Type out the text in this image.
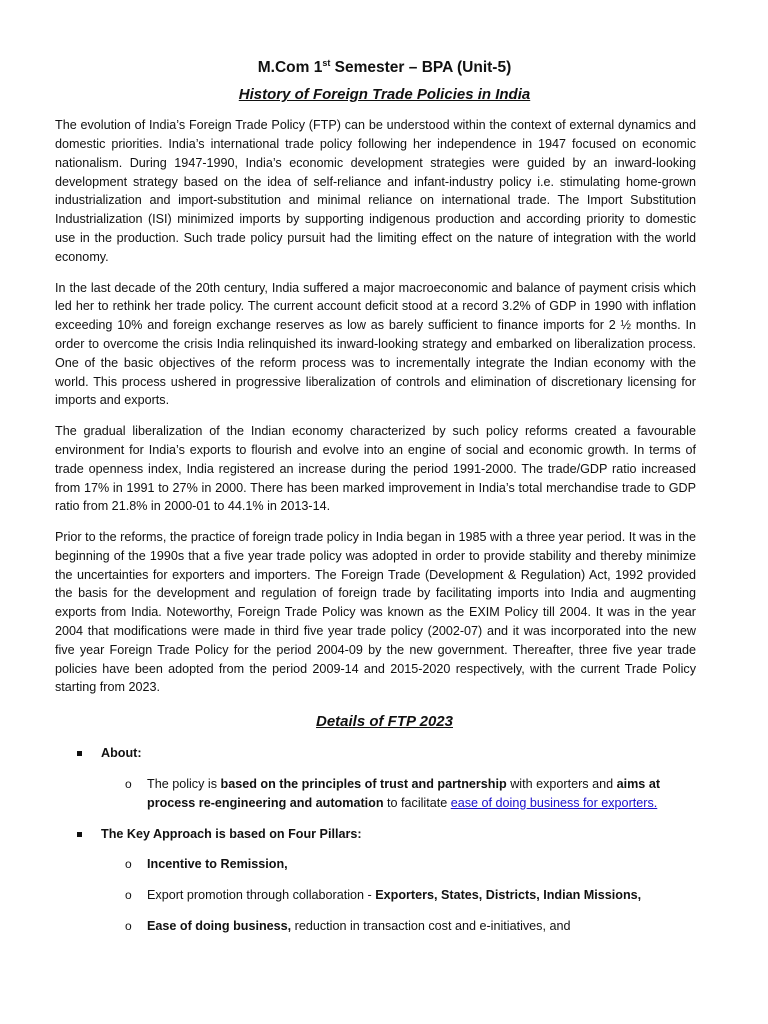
M.Com 1st Semester – BPA (Unit-5)
History of Foreign Trade Policies in India

The evolution of India’s Foreign Trade Policy (FTP) can be understood within the context of external dynamics and domestic priorities. India’s international trade policy following her independence in 1947 focused on economic nationalism. During 1947-1990, India’s economic development strategies were guided by an inward-looking development strategy based on the idea of self-reliance and infant-industry policy i.e. stimulating home-grown industrialization and import-substitution and minimal reliance on international trade. The Import Substitution Industrialization (ISI) minimized imports by supporting indigenous production and according priority to domestic use in the production. Such trade policy pursuit had the limiting effect on the nature of integration with the world economy.

In the last decade of the 20th century, India suffered a major macroeconomic and balance of payment crisis which led her to rethink her trade policy. The current account deficit stood at a record 3.2% of GDP in 1990 with inflation exceeding 10% and foreign exchange reserves as low as barely sufficient to finance imports for 2 ½ months. In order to overcome the crisis India relinquished its inward-looking strategy and embarked on liberalization process. One of the basic objectives of the reform process was to incrementally integrate the Indian economy with the world. This process ushered in progressive liberalization of controls and elimination of discretionary licensing for imports and exports.

The gradual liberalization of the Indian economy characterized by such policy reforms created a favourable environment for India’s exports to flourish and evolve into an engine of social and economic growth. In terms of trade openness index, India registered an increase during the period 1991-2000. The trade/GDP ratio increased from 17% in 1991 to 27% in 2000. There has been marked improvement in India’s total merchandise trade to GDP ratio from 21.8% in 2000-01 to 44.1% in 2013-14.

Prior to the reforms, the practice of foreign trade policy in India began in 1985 with a three year period. It was in the beginning of the 1990s that a five year trade policy was adopted in order to provide stability and thereby minimize the uncertainties for exporters and importers. The Foreign Trade (Development & Regulation) Act, 1992 provided the basis for the development and regulation of foreign trade by facilitating imports into India and augmenting exports from India. Noteworthy, Foreign Trade Policy was known as the EXIM Policy till 2004. It was in the year 2004 that modifications were made in third five year trade policy (2002-07) and it was incorporated into the new five year Foreign Trade Policy for the period 2004-09 by the new government. Thereafter, three five year trade policies have been adopted from the period 2009-14 and 2015-2020 respectively, with the current Trade Policy starting from 2023.

Details of FTP 2023
About:
o The policy is based on the principles of trust and partnership with exporters and aims at process re-engineering and automation to facilitate ease of doing business for exporters.
The Key Approach is based on Four Pillars:
o Incentive to Remission,
o Export promotion through collaboration - Exporters, States, Districts, Indian Missions,
o Ease of doing business, reduction in transaction cost and e-initiatives, and
